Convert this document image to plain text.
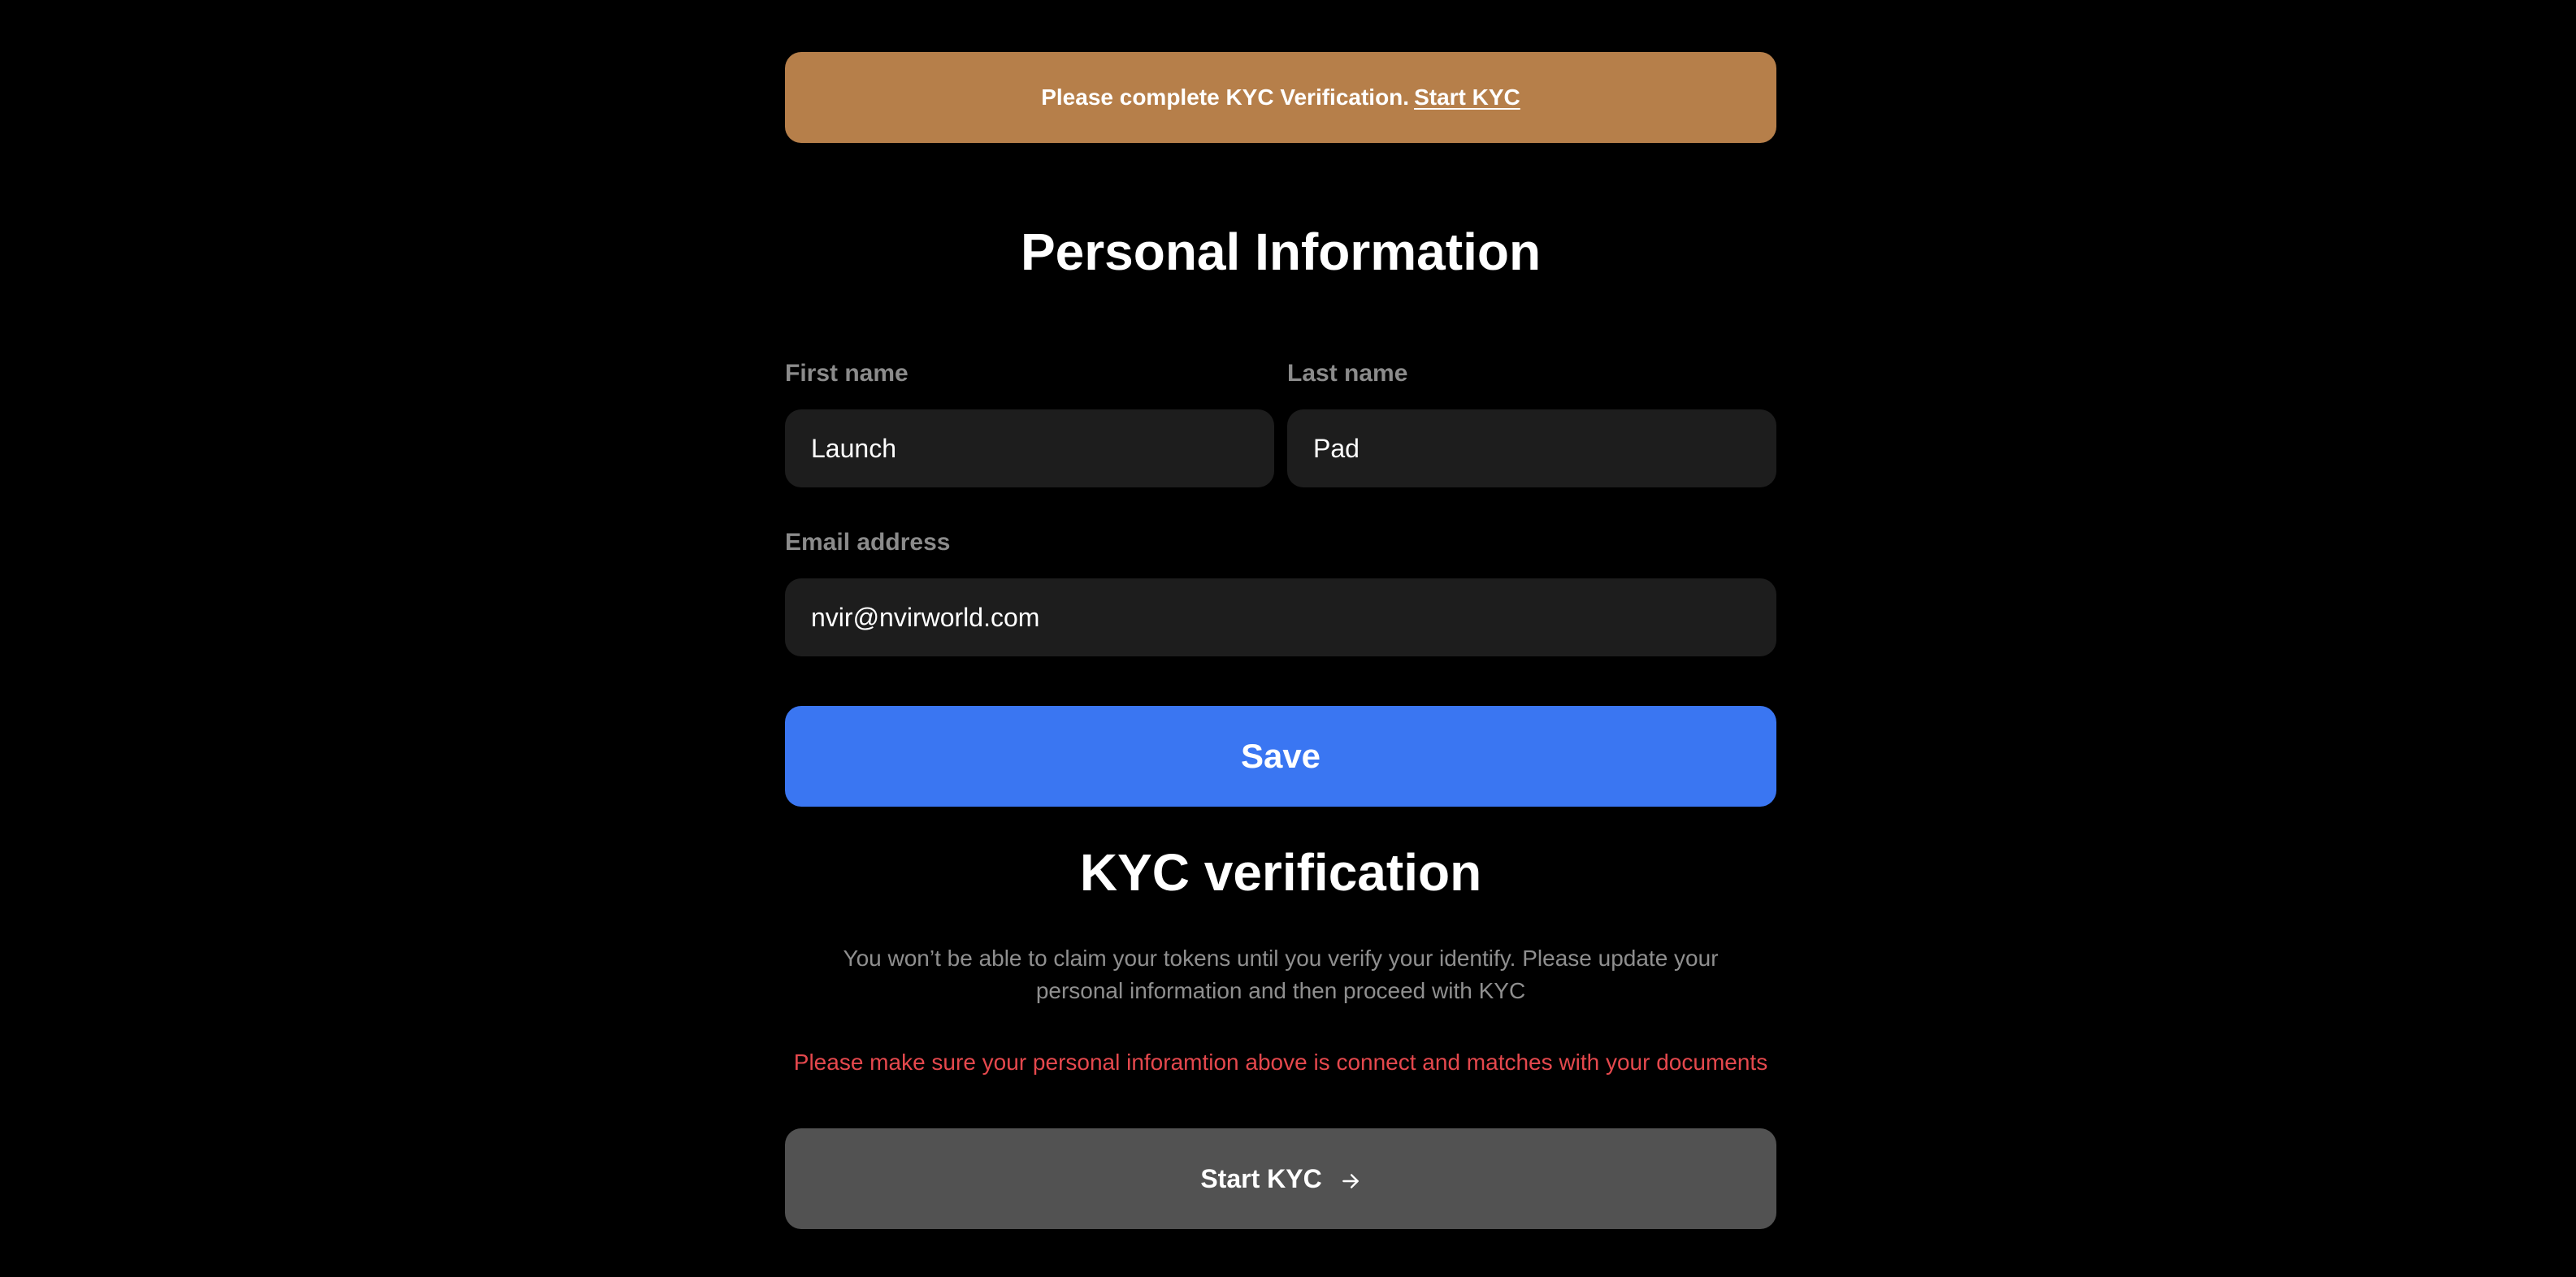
Please complete KYC Verification. Start KYC
Personal Information
First name
Launch	Last name
Pad
Email address
nvir@nvirworld.com
Save
KYC verification

You won’t be able to claim your tokens until you verify your identify. Please update your personal information and then proceed with KYC

Please make sure your personal inforamtion above is connect and matches with your documents

Start KYC
